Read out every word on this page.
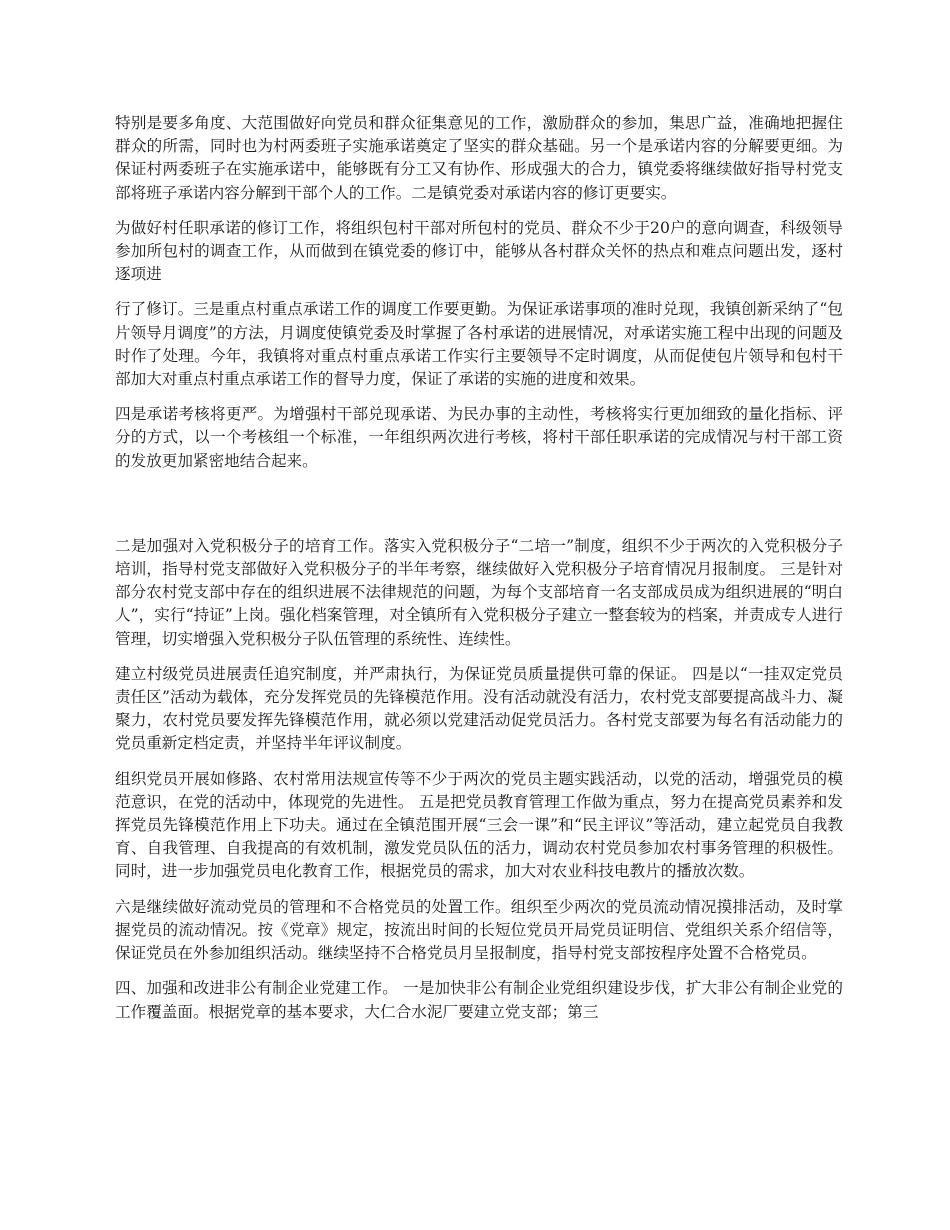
特别是要多角度、大范围做好向党员和群众征集意见的工作，激励群众的参加，集思广益，准确地把握住群众的所需，同时也为村两委班子实施承诺奠定了坚实的群众基础。另一个是承诺内容的分解要更细。为保证村两委班子在实施承诺中，能够既有分工又有协作、形成强大的合力，镇党委将继续做好指导村党支部将班子承诺内容分解到干部个人的工作。二是镇党委对承诺内容的修订更要实。

为做好村任职承诺的修订工作，将组织包村干部对所包村的党员、群众不少于20户的意向调查，科级领导参加所包村的调查工作，从而做到在镇党委的修订中，能够从各村群众关怀的热点和难点问题出发，逐村逐项进

行了修订。三是重点村重点承诺工作的调度工作要更勤。为保证承诺事项的准时兑现，我镇创新采纳了“包片领导月调度”的方法，月调度使镇党委及时掌握了各村承诺的进展情况，对承诺实施工程中出现的问题及时作了处理。今年，我镇将对重点村重点承诺工作实行主要领导不定时调度，从而促使包片领导和包村干部加大对重点村重点承诺工作的督导力度，保证了承诺的实施的进度和效果。

四是承诺考核将更严。为增强村干部兑现承诺、为民办事的主动性，考核将实行更加细致的量化指标、评分的方式，以一个考核组一个标准，一年组织两次进行考核，将村干部任职承诺的完成情况与村干部工资的发放更加紧密地结合起来。

二是加强对入党积极分子的培育工作。落实入党积极分子“二培一”制度，组织不少于两次的入党积极分子培训，指导村党支部做好入党积极分子的半年考察，继续做好入党积极分子培育情况月报制度。 三是针对部分农村党支部中存在的组织进展不法律规范的问题，为每个支部培育一名支部成员成为组织进展的“明白人”，实行“持证”上岗。强化档案管理，对全镇所有入党积极分子建立一整套较为的档案，并责成专人进行管理，切实增强入党积极分子队伍管理的系统性、连续性。

建立村级党员进展责任追究制度，并严肃执行，为保证党员质量提供可靠的保证。 四是以“一挂双定党员责任区”活动为载体，充分发挥党员的先锋模范作用。没有活动就没有活力，农村党支部要提高战斗力、凝聚力，农村党员要发挥先锋模范作用，就必须以党建活动促党员活力。各村党支部要为每名有活动能力的党员重新定档定责，并坚持半年评议制度。

组织党员开展如修路、农村常用法规宣传等不少于两次的党员主题实践活动，以党的活动，增强党员的模范意识，在党的活动中，体现党的先进性。 五是把党员教育管理工作做为重点，努力在提高党员素养和发挥党员先锋模范作用上下功夫。通过在全镇范围开展“三会一课”和“民主评议”等活动，建立起党员自我教育、自我管理、自我提高的有效机制，激发党员队伍的活力，调动农村党员参加农村事务管理的积极性。同时，进一步加强党员电化教育工作，根据党员的需求，加大对农业科技电教片的播放次数。

六是继续做好流动党员的管理和不合格党员的处置工作。组织至少两次的党员流动情况摸排活动，及时掌握党员的流动情况。按《党章》规定，按流出时间的长短位党员开局党员证明信、党组织关系介绍信等，保证党员在外参加组织活动。继续坚持不合格党员月呈报制度，指导村党支部按程序处置不合格党员。

四、加强和改进非公有制企业党建工作。 一是加快非公有制企业党组织建设步伐，扩大非公有制企业党的工作覆盖面。根据党章的基本要求，大仁合水泥厂要建立党支部；第三
